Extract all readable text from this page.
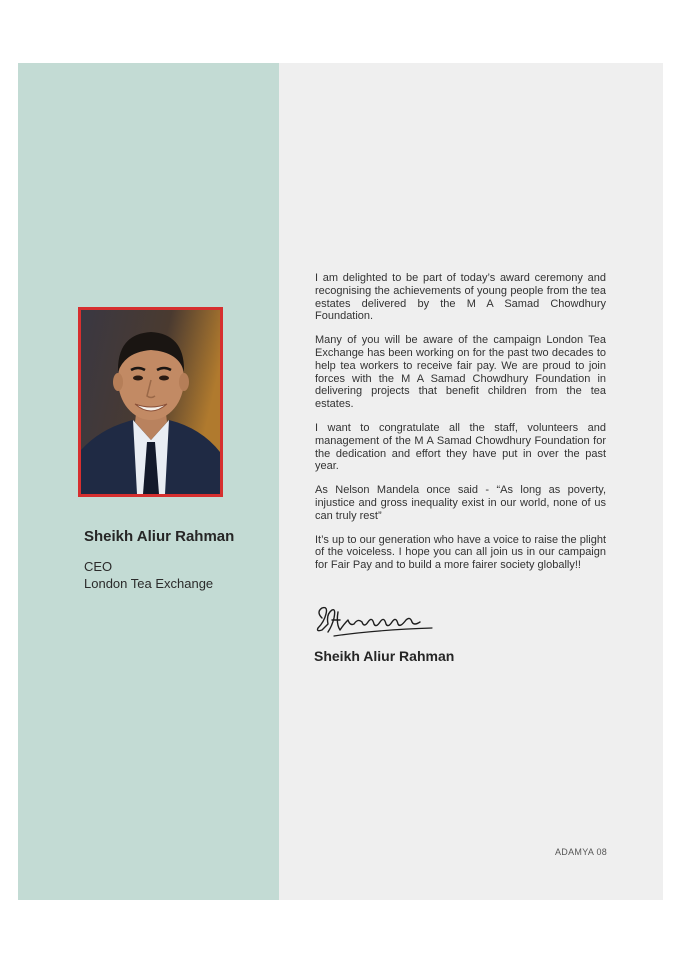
Sheikh Aliur Rahman
CEO
London Tea Exchange

I am delighted to be part of today’s award ceremony and recognising the achievements of young people from the tea estates delivered by the M A Samad Chowdhury Foundation.

Many of you will be aware of the campaign London Tea Exchange has been working on for the past two decades to help tea workers to receive fair pay. We are proud to join forces with the M A Samad Chowdhury Foundation in delivering projects that benefit children from the tea estates.

I want to congratulate all the staff, volunteers and management of the M A Samad Chowdhury Foundation for the dedication and effort they have put in over the past year.

As Nelson Mandela once said - “As long as poverty, injustice and gross inequality exist in our world, none of us can truly rest”

It’s up to our generation who have a voice to raise the plight of the voiceless. I hope you can all join us in our campaign for Fair Pay and to build a more fairer society globally!!

Sheikh Aliur Rahman
ADAMYA 08
